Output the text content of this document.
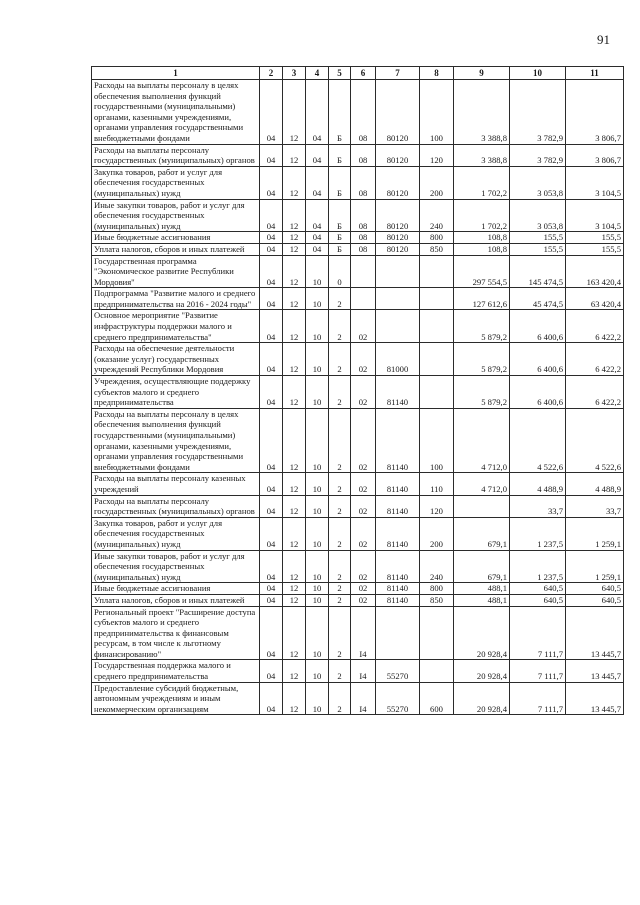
91
1	2	3	4	5	6	7	8	9	10	11
Расходы на выплаты персоналу в целях обеспечения выполнения функций государственными (муниципальными) органами, казенными учреждениями, органами управления государственными внебюджетными фондами	04	12	04	Б	08	80120	100	3 388,8	3 782,9	3 806,7
Расходы на выплаты персоналу государственных (муниципальных) органов	04	12	04	Б	08	80120	120	3 388,8	3 782,9	3 806,7
Закупка товаров, работ и услуг для обеспечения государственных (муниципальных) нужд	04	12	04	Б	08	80120	200	1 702,2	3 053,8	3 104,5
Иные закупки товаров, работ и услуг для обеспечения государственных (муниципальных) нужд	04	12	04	Б	08	80120	240	1 702,2	3 053,8	3 104,5
Иные бюджетные ассигнования	04	12	04	Б	08	80120	800	108,8	155,5	155,5
Уплата налогов, сборов и иных платежей	04	12	04	Б	08	80120	850	108,8	155,5	155,5
Государственная программа "Экономическое развитие Республики Мордовия"	04	12	10	0				297 554,5	145 474,5	163 420,4
Подпрограмма "Развитие малого и среднего предпринимательства на 2016 - 2024 годы"	04	12	10	2				127 612,6	45 474,5	63 420,4
Основное мероприятие "Развитие инфраструктуры поддержки малого и среднего предпринимательства"	04	12	10	2	02			5 879,2	6 400,6	6 422,2
Расходы на обеспечение деятельности (оказание услуг) государственных учреждений Республики Мордовия	04	12	10	2	02	81000		5 879,2	6 400,6	6 422,2
Учреждения, осуществляющие поддержку субъектов малого и среднего предпринимательства	04	12	10	2	02	81140		5 879,2	6 400,6	6 422,2
Расходы на выплаты персоналу в целях обеспечения выполнения функций государственными (муниципальными) органами, казенными учреждениями, органами управления государственными внебюджетными фондами	04	12	10	2	02	81140	100	4 712,0	4 522,6	4 522,6
Расходы на выплаты персоналу казенных учреждений	04	12	10	2	02	81140	110	4 712,0	4 488,9	4 488,9
Расходы на выплаты персоналу государственных (муниципальных) органов	04	12	10	2	02	81140	120		33,7	33,7
Закупка товаров, работ и услуг для обеспечения государственных (муниципальных) нужд	04	12	10	2	02	81140	200	679,1	1 237,5	1 259,1
Иные закупки товаров, работ и услуг для обеспечения государственных (муниципальных) нужд	04	12	10	2	02	81140	240	679,1	1 237,5	1 259,1
Иные бюджетные ассигнования	04	12	10	2	02	81140	800	488,1	640,5	640,5
Уплата налогов, сборов и иных платежей	04	12	10	2	02	81140	850	488,1	640,5	640,5
Региональный проект "Расширение доступа субъектов малого и среднего предпринимательства к финансовым ресурсам, в том числе к льготному финансированию"	04	12	10	2	I4			20 928,4	7 111,7	13 445,7
Государственная поддержка малого и среднего предпринимательства	04	12	10	2	I4	55270		20 928,4	7 111,7	13 445,7
Предоставление субсидий бюджетным, автономным учреждениям и иным некоммерческим организациям	04	12	10	2	I4	55270	600	20 928,4	7 111,7	13 445,7
